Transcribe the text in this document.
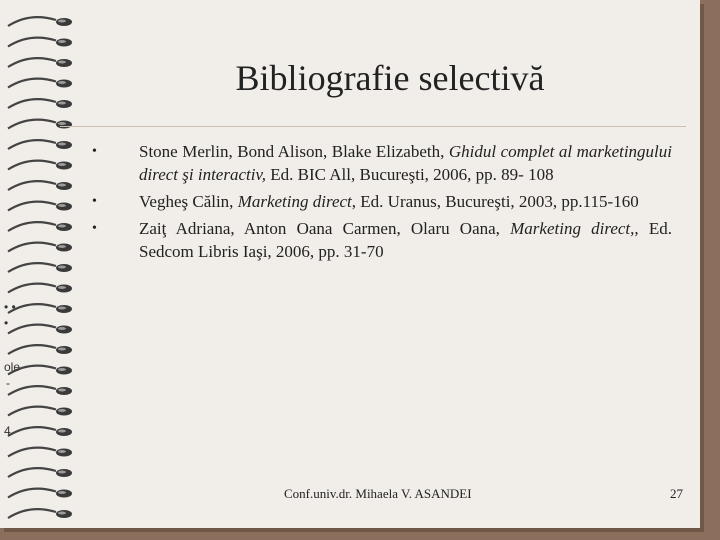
Bibliografie selectivă
• Stone Merlin, Bond Alison, Blake Elizabeth, Ghidul complet al marketingului direct şi interactiv, Ed. BIC All, Bucureşti, 2006, pp. 89- 108
• Vegheş Călin, Marketing direct, Ed. Uranus, Bucureşti, 2003, pp.115-160
• Zaiţ Adriana, Anton Oana Carmen, Olaru Oana, Marketing direct,, Ed. Sedcom Libris Iaşi, 2006, pp. 31-70
• •
•
ole
-
4
Conf.univ.dr. Mihaela V. ASANDEI	27
